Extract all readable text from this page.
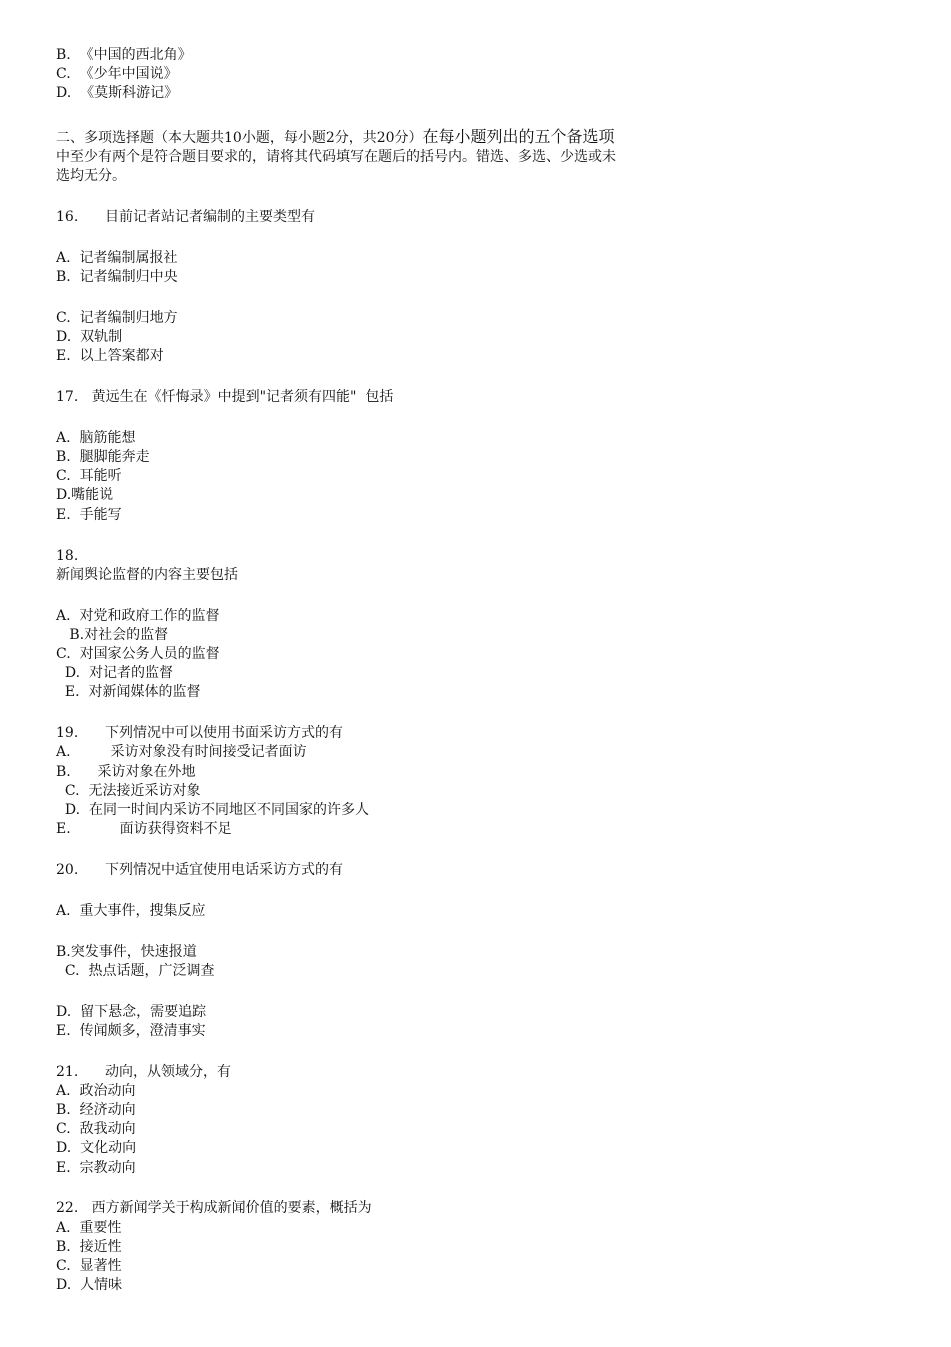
B.  《中国的西北角》

C.  《少年中国说》

D.  《莫斯科游记》

二、多项选择题（本大题共10小题，每小题2分，共20分）在每小题列出的五个备选项

中至少有两个是符合题目要求的，请将其代码填写在题后的括号内。错选、多选、少选或未

选均无分。

16.      目前记者站记者编制的主要类型有

A.  记者编制属报社

B.  记者编制归中央

C.  记者编制归地方

D.  双轨制

E.  以上答案都对

17.   黄远生在《忏悔录》中提到"记者须有四能"  包括

A.  脑筋能想

B.  腿脚能奔走

C.  耳能听

D.嘴能说

E.  手能写

18.

新闻舆论监督的内容主要包括

A.  对党和政府工作的监督

B.对社会的监督

C.  对国家公务人员的监督

D.  对记者的监督

E.  对新闻媒体的监督

19.      下列情况中可以使用书面采访方式的有

A.         采访对象没有时间接受记者面访

B.      采访对象在外地

C.  无法接近采访对象

D.  在同一时间内采访不同地区不同国家的许多人

E.           面访获得资料不足

20.      下列情况中适宜使用电话采访方式的有

A.  重大事件，搜集反应

B.突发事件，快速报道

C.  热点话题，广泛调查

D.  留下悬念，需要追踪

E.  传闻颇多，澄清事实

21.      动向，从领域分，有

A.  政治动向

B.  经济动向

C.  敌我动向

D.  文化动向

E.  宗教动向

22.   西方新闻学关于构成新闻价值的要素，概括为

A.  重要性

B.  接近性

C.  显著性

D.  人情味
